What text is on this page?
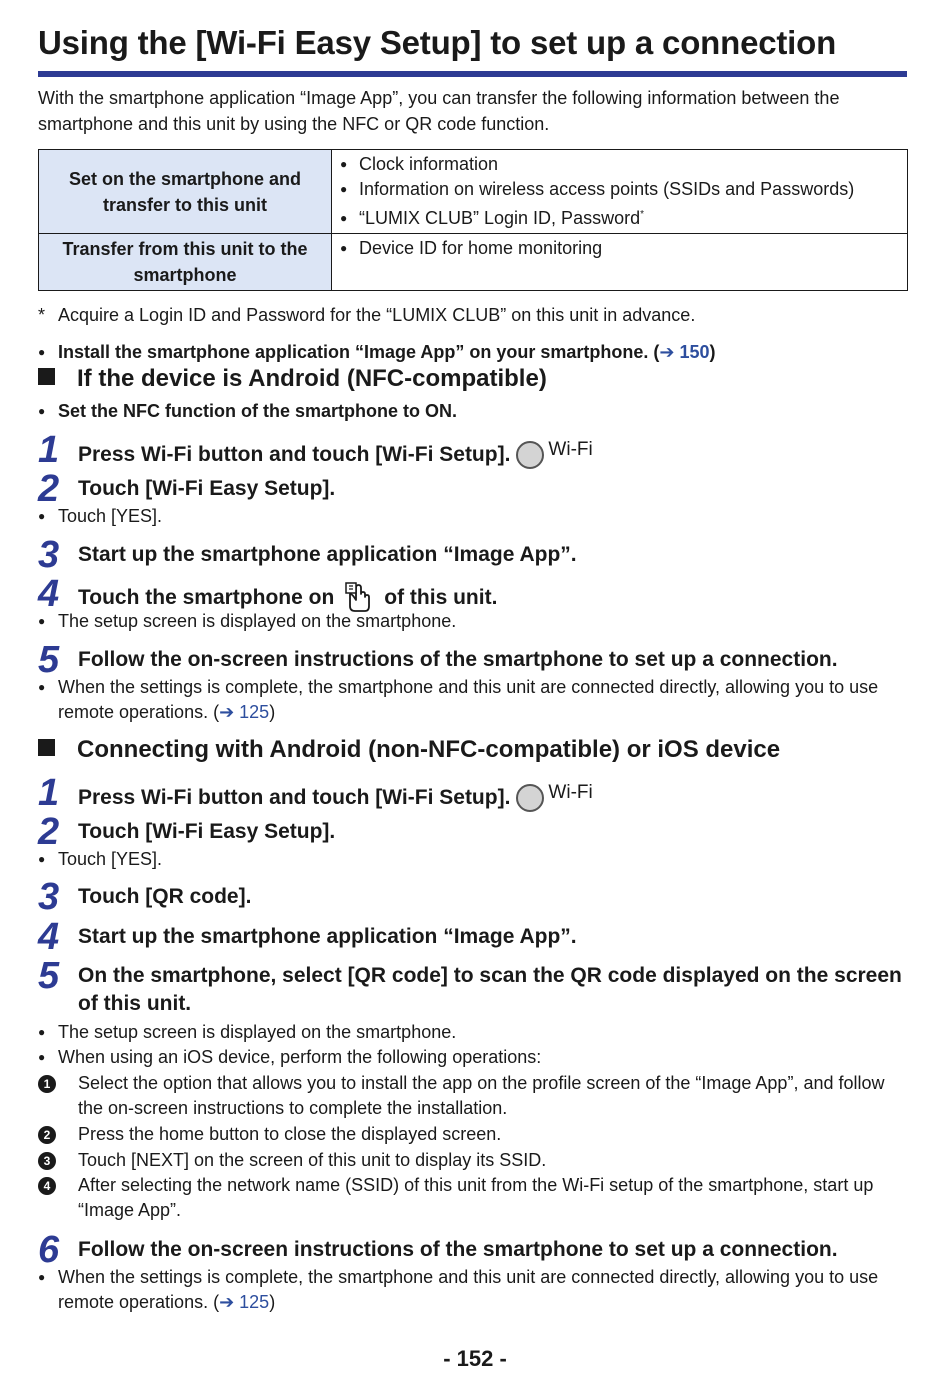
Using the [Wi-Fi Easy Setup] to set up a connection
With the smartphone application “Image App”, you can transfer the following information between the smartphone and this unit by using the NFC or QR code function.
Set on the smartphone and transfer to this unit	● Clock information
● Information on wireless access points (SSIDs and Passwords)
● “LUMIX CLUB” Login ID, Password*

Transfer from this unit to the smartphone	● Device ID for home monitoring
* Acquire a Login ID and Password for the “LUMIX CLUB” on this unit in advance.
● Install the smartphone application “Image App” on your smartphone. (➔ 150)
If the device is Android (NFC-compatible)
● Set the NFC function of the smartphone to ON.
1 Press Wi-Fi button and touch [Wi-Fi Setup]. Wi-Fi
2 Touch [Wi-Fi Easy Setup].
● Touch [YES].
3 Start up the smartphone application “Image App”.
4 Touch the smartphone on of this unit.
● The setup screen is displayed on the smartphone.
5 Follow the on-screen instructions of the smartphone to set up a connection.
● When the settings is complete, the smartphone and this unit are connected directly, allowing you to use remote operations. (➔ 125)
Connecting with Android (non-NFC-compatible) or iOS device
1 Press Wi-Fi button and touch [Wi-Fi Setup]. Wi-Fi
2 Touch [Wi-Fi Easy Setup].
● Touch [YES].
3 Touch [QR code].
4 Start up the smartphone application “Image App”.
5 On the smartphone, select [QR code] to scan the QR code displayed on the screen of this unit.
● The setup screen is displayed on the smartphone.
● When using an iOS device, perform the following operations:
1	Select the option that allows you to install the app on the profile screen of the “Image App”, and follow the on-screen instructions to complete the installation.
2	Press the home button to close the displayed screen.
3	Touch [NEXT] on the screen of this unit to display its SSID.
4	After selecting the network name (SSID) of this unit from the Wi-Fi setup of the smartphone, start up “Image App”.
6 Follow the on-screen instructions of the smartphone to set up a connection.
● When the settings is complete, the smartphone and this unit are connected directly, allowing you to use remote operations. (➔ 125)
- 152 -
